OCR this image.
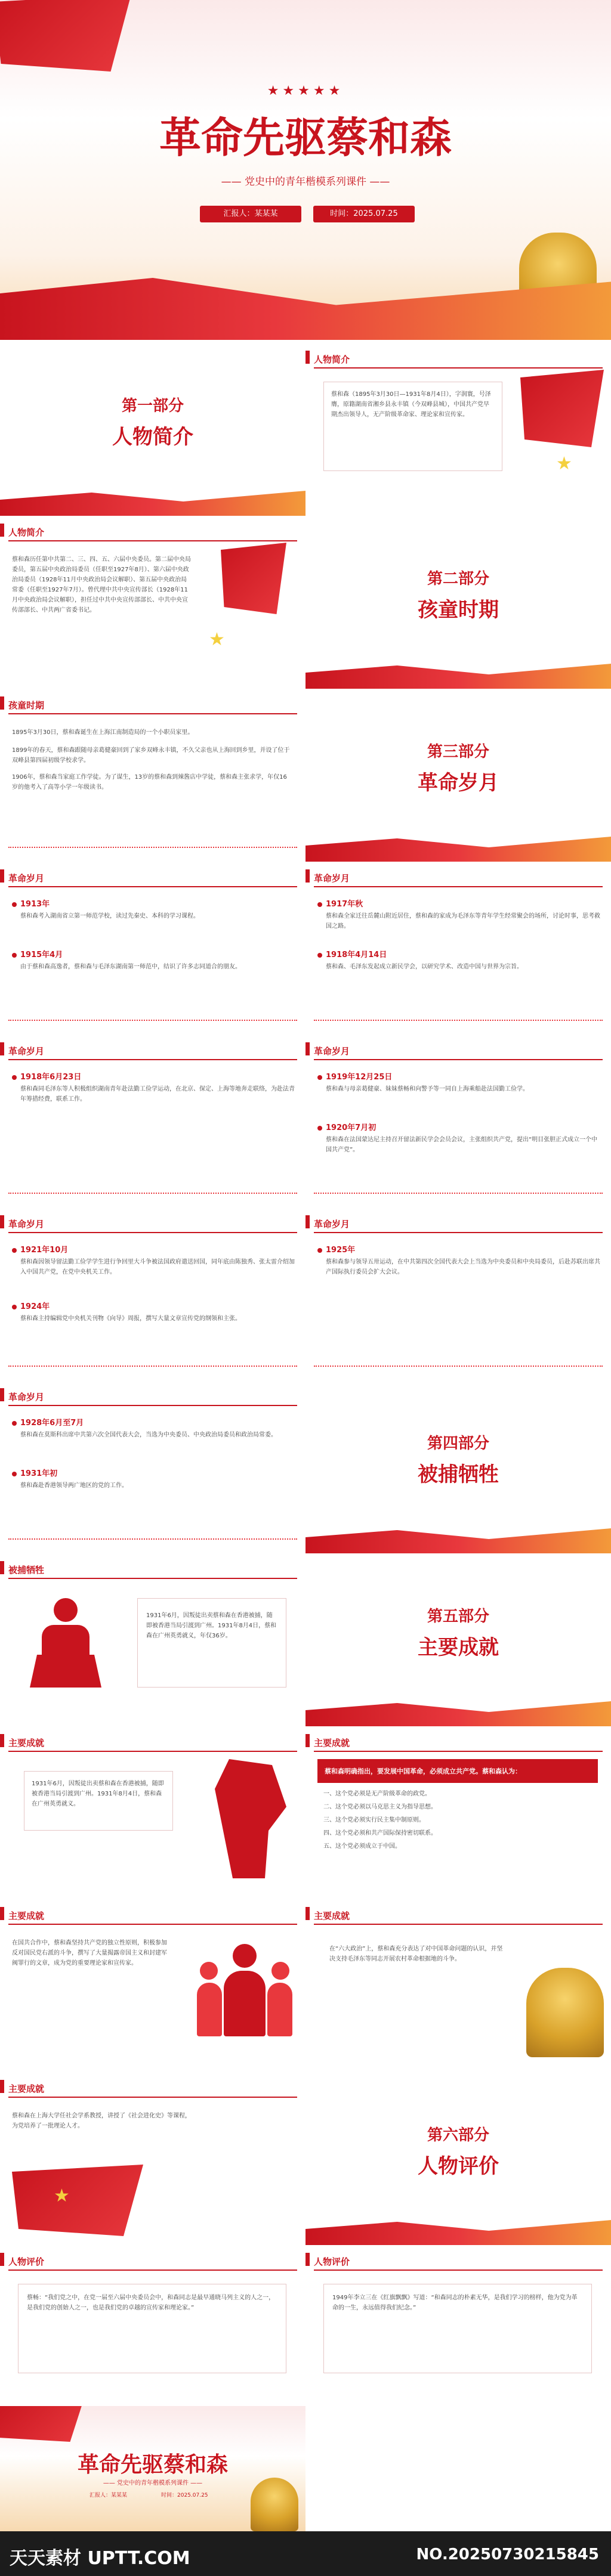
★★★★★
革命先驱蔡和森
—— 党史中的青年楷模系列课件 ——
汇报人：某某某	时间：2025.07.25
第一部分
人物简介
人物简介
蔡和森（1895年3月30日—1931年8月4日），字润寰，号泽膺，原籍湖南省湘乡县永丰镇（今双峰县城），中国共产党早期杰出领导人，无产阶级革命家、理论家和宣传家。
★
人物简介
蔡和森历任第中共第二、三、四、五、六届中央委员。第二届中央局委员，第五届中央政治局委员（任职至1927年8月）、第六届中央政治局委员（1928年11月中央政治局会议解职）、第五届中央政治局常委（任职至1927年7月）。曾代理中共中央宣传部长（1928年11月中央政治局会议解职），担任过中共中央宣传部部长、中共中央宣传部部长、中共两广省委书记。
★
第二部分
孩童时期
孩童时期
1895年3月30日，蔡和森诞生在上海江南制造局的一个小职员家里。
1899年的春天，蔡和森跟随母亲葛健豪回到了家乡双峰永丰镇，不久父亲也从上海回到乡里，并设了位于双峰县第四届初级学校求学。
1906年，蔡和森当家庭工作学徒。为了谋生，13岁的蔡和森到辣酱店中学徒，蔡和森主张求学，年仅16岁的他考入了高等小学一年级读书。
第三部分
革命岁月
革命岁月
1913年
蔡和森考入湖南省立第一师范学校，读过先秦史、本科的学习课程。
1915年4月
由于蔡和森高逸者，蔡和森与毛泽东湖南第一师范中，结识了许多志同道合的朋友。
革命岁月
1917年秋
蔡和森全家迁往岳麓山附近居住，蔡和森的家成为毛泽东等青年学生经常聚会的场所，讨论时事，思考救国之路。
1918年4月14日
蔡和森、毛泽东发起成立新民学会，以研究学术、改造中国与世界为宗旨。
革命岁月
1918年6月23日
蔡和森同毛泽东等人积极组织湖南青年赴法勤工俭学运动，在北京、保定、上海等地奔走联络，为赴法青年筹措经费，联系工作。
革命岁月
1919年12月25日
蔡和森与母亲葛健豪、妹妹蔡畅和向警予等一同自上海乘船赴法国勤工俭学。
1920年7月初
蔡和森在法国蒙达尼主持召开留法新民学会会员会议，主张组织共产党，提出“明目张胆正式成立一个中国共产党”。
革命岁月
1921年10月
蔡和森因领导留法勤工俭学学生进行争回里大斗争被法国政府遣送回国，同年底由陈独秀、张太雷介绍加入中国共产党，在党中央机关工作。
1924年
蔡和森主持编辑党中央机关刊物《向导》周报，撰写大量文章宣传党的纲领和主张。
革命岁月
1925年
蔡和森参与领导五卅运动，在中共第四次全国代表大会上当选为中央委员和中央局委员，后赴苏联出席共产国际执行委员会扩大会议。
革命岁月
1928年6月至7月
蔡和森在莫斯科出席中共第六次全国代表大会，当选为中央委员、中央政治局委员和政治局常委。
1931年初
蔡和森赴香港领导两广地区的党的工作。
第四部分
被捕牺牲
被捕牺牲
1931年6月，因叛徒出卖蔡和森在香港被捕，随即被香港当局引渡到广州。1931年8月4日，蔡和森在广州英勇就义，年仅36岁。
第五部分
主要成就
主要成就
1931年6月，因叛徒出卖蔡和森在香港被捕，随即被香港当局引渡到广州。1931年8月4日，蔡和森在广州英勇就义。
主要成就
蔡和森明确指出，要发展中国革命，必须成立共产党。蔡和森认为：
一、这个党必须是无产阶级革命的政党。
二、这个党必须以马克思主义为指导思想。
三、这个党必须实行民主集中制原则。
四、这个党必须和共产国际保持密切联系。
五、这个党必须成立于中国。
主要成就
在国共合作中，蔡和森坚持共产党的独立性原则，积极参加反对国民党右派的斗争，撰写了大量揭露帝国主义和封建军阀罪行的文章，成为党的重要理论家和宣传家。
主要成就
在“六大政治”上，蔡和森充分表达了对中国革命问题的认识，并坚决支持毛泽东等同志开展农村革命根据地的斗争。
主要成就
蔡和森在上海大学任社会学系教授，讲授了《社会进化史》等课程，为党培养了一批理论人才。
★
第六部分
人物评价
人物评价
蔡畅：“我们党之中，在党一届至六届中央委员会中，和森同志是最早通晓马列主义的人之一，是我们党的创始人之一，也是我们党的卓越的宣传家和理论家。”
人物评价
1949年李立三在《红旗飘飘》写道：“和森同志的朴素无华，是我们学习的榜样，他为党为革命的一生，永远值得我们纪念。”
革命先驱蔡和森
—— 党史中的青年楷模系列课件 ——
汇报人：某某某	时间：2025.07.25
天天素材 UPTT.COM	NO.20250730215845
